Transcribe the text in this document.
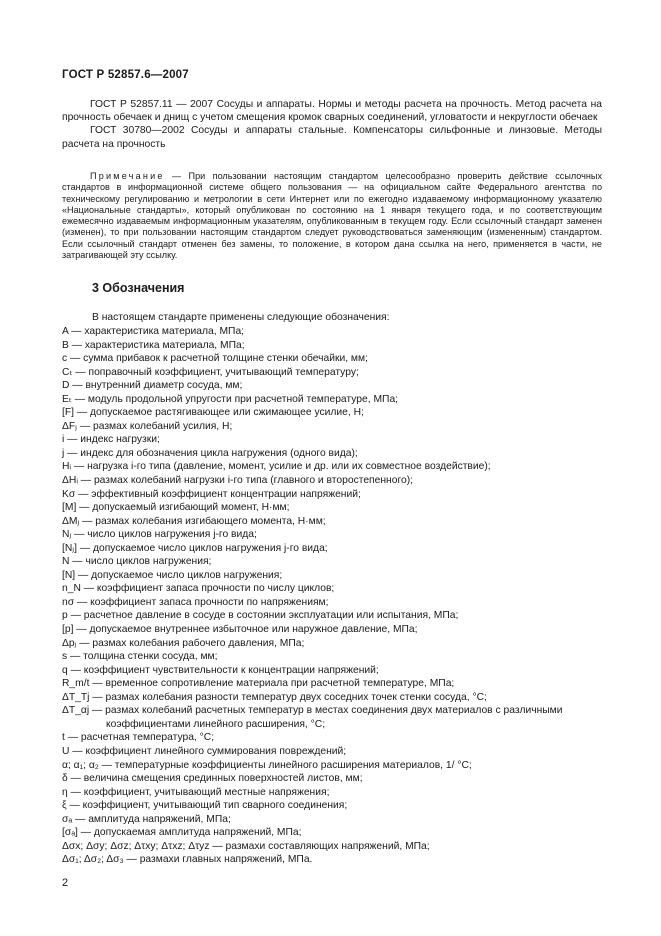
ГОСТ Р 52857.6—2007

ГОСТ Р 52857.11 — 2007 Сосуды и аппараты. Нормы и методы расчета на прочность. Метод расчета на прочность обечаек и днищ с учетом смещения кромок сварных соединений, угловатости и некруглости обечаек

ГОСТ 30780—2002 Сосуды и аппараты стальные. Компенсаторы сильфонные и линзовые. Методы расчета на прочность

Примечание — При пользовании настоящим стандартом целесообразно проверить действие ссылочных стандартов в информационной системе общего пользования — на официальном сайте Федерального агентства по техническому регулированию и метрологии в сети Интернет или по ежегодно издаваемому информационному указателю «Национальные стандарты», который опубликован по состоянию на 1 января текущего года, и по соответствующим ежемесячно издаваемым информационным указателям, опубликованным в текущем году. Если ссылочный стандарт заменен (изменен), то при пользовании настоящим стандартом следует руководствоваться заменяющим (измененным) стандартом. Если ссылочный стандарт отменен без замены, то положение, в котором дана ссылка на него, применяется в части, не затрагивающей эту ссылку.

3 Обозначения
В настоящем стандарте применены следующие обозначения:
A — характеристика материала, МПа;
B — характеристика материала, МПа;
c — сумма прибавок к расчетной толщине стенки обечайки, мм;
Cₜ — поправочный коэффициент, учитывающий температуру;
D — внутренний диаметр сосуда, мм;
Eₜ — модуль продольной упругости при расчетной температуре, МПа;
[F] — допускаемое растягивающее или сжимающее усилие, Н;
ΔFⱼ — размах колебаний усилия, Н;
i — индекс нагрузки;
j — индекс для обозначения цикла нагружения (одного вида);
Hᵢ — нагрузка i-го типа (давление, момент, усилие и др. или их совместное воздействие);
ΔHᵢ — размах колебаний нагрузки i-го типа (главного и второстепенного);
Kσ — эффективный коэффициент концентрации напряжений;
[M] — допускаемый изгибающий момент, Н·мм;
ΔMⱼ — размах колебания изгибающего момента, Н·мм;
Nⱼ — число циклов нагружения j-го вида;
[Nⱼ] — допускаемое число циклов нагружения j-го вида;
N — число циклов нагружения;
[N] — допускаемое число циклов нагружения;
n_N — коэффициент запаса прочности по числу циклов;
nσ — коэффициент запаса прочности по напряжениям;
p — расчетное давление в сосуде в состоянии эксплуатации или испытания, МПа;
[p] — допускаемое внутреннее избыточное или наружное давление, МПа;
Δpⱼ — размах колебания рабочего давления, МПа;
s — толщина стенки сосуда, мм;
q — коэффициент чувствительности к концентрации напряжений;
R_m/t — временное сопротивление материала при расчетной температуре, МПа;
ΔT_Tj — размах колебания разности температур двух соседних точек стенки сосуда, °C;
ΔT_αj — размах колебаний расчетных температур в местах соединения двух материалов с различными
коэффициентами линейного расширения, °C;
t — расчетная температура, °C;
U — коэффициент линейного суммирования повреждений;
α; α₁; α₂ — температурные коэффициенты линейного расширения материалов, 1/ °C;
δ — величина смещения срединных поверхностей листов, мм;
η — коэффициент, учитывающий местные напряжения;
ξ — коэффициент, учитывающий тип сварного соединения;
σₐ — амплитуда напряжений, МПа;
[σₐ] — допускаемая амплитуда напряжений, МПа;
Δσx; Δσy; Δσz; Δτxy; Δτxz; Δτyz — размахи составляющих напряжений, МПа;
Δσ₁; Δσ₂; Δσ₃ — размахи главных напряжений, МПа.
2
